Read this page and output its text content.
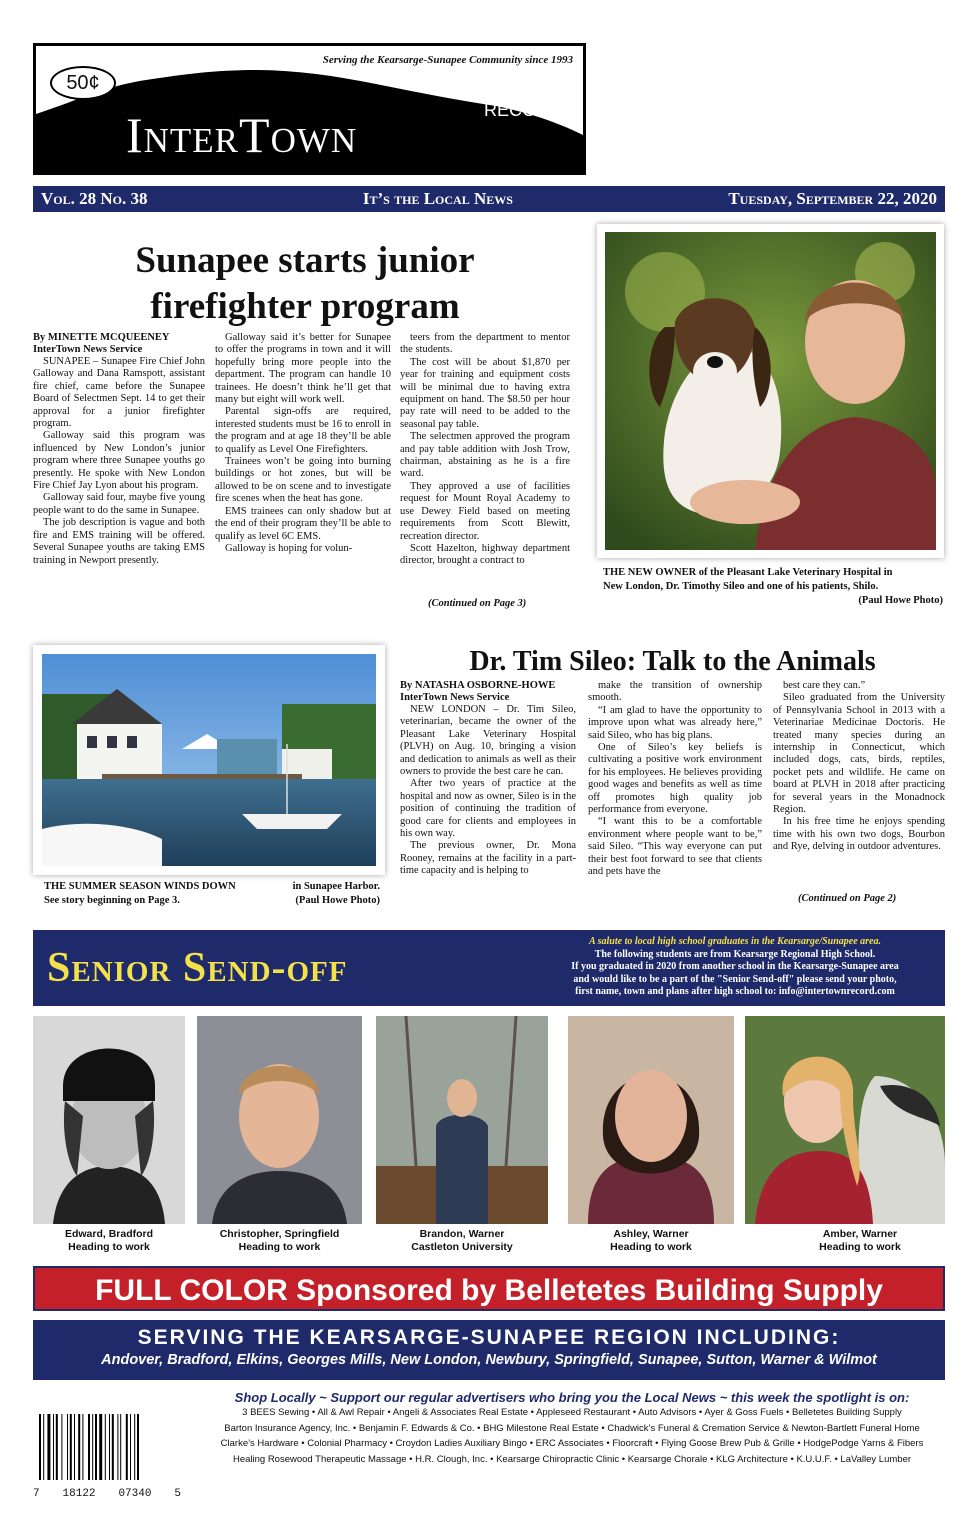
Serving the Kearsarge-Sunapee Community since 1993
50¢
RECORD
InterTown
Vol. 28 No. 38	It’s the Local News	Tuesday, September 22, 2020
Sunapee starts junior
firefighter program
By MINETTE MCQUEENEY
InterTown News Service

SUNAPEE – Sunapee Fire Chief John Galloway and Dana Ramspott, assistant fire chief, came before the Sunapee Board of Selectmen Sept. 14 to get their approval for a junior firefighter program.

Galloway said this program was influenced by New London’s junior program where three Sunapee youths go presently. He spoke with New London Fire Chief Jay Lyon about his program.

Galloway said four, maybe five young people want to do the same in Sunapee.

The job description is vague and both fire and EMS training will be offered. Several Sunapee youths are taking EMS training in Newport presently.

Galloway said it’s better for Sunapee to offer the programs in town and it will hopefully bring more people into the department. The program can handle 10 trainees. He doesn’t think he’ll get that many but eight will work well.

Parental sign-offs are required, interested students must be 16 to enroll in the program and at age 18 they’ll be able to qualify as Level One Firefighters.

Trainees won’t be going into burning buildings or hot zones, but will be allowed to be on scene and to investigate fire scenes when the heat has gone.

EMS trainees can only shadow but at the end of their program they’ll be able to qualify as level 6C EMS.

Galloway is hoping for volun-

teers from the department to mentor the students.

The cost will be about $1,870 per year for training and equipment costs will be minimal due to having extra equipment on hand. The $8.50 per hour pay rate will need to be added to the seasonal pay table.

The selectmen approved the program and pay table addition with Josh Trow, chairman, abstaining as he is a fire ward.

They approved a use of facilities request for Mount Royal Academy to use Dewey Field based on meeting requirements from Scott Blewitt, recreation director.

Scott Hazelton, highway department director, brought a contract to

(Continued on Page 3)
THE NEW OWNER of the Pleasant Lake Veterinary Hospital in
New London, Dr. Timothy Sileo and one of his patients, Shilo.
(Paul Howe Photo)
THE SUMMER SEASON WINDS DOWN	in Sunapee Harbor.
See story beginning on Page 3.	(Paul Howe Photo)
Dr. Tim Sileo: Talk to the Animals
By NATASHA OSBORNE-HOWE
InterTown News Service

NEW LONDON – Dr. Tim Sileo, veterinarian, became the owner of the Pleasant Lake Veterinary Hospital (PLVH) on Aug. 10, bringing a vision and dedication to animals as well as their owners to provide the best care he can.

After two years of practice at the hospital and now as owner, Sileo is in the position of continuing the tradition of good care for clients and employees in his own way.

The previous owner, Dr. Mona Rooney, remains at the facility in a part-time capacity and is helping to

make the transition of ownership smooth.

“I am glad to have the opportunity to improve upon what was already here,” said Sileo, who has big plans.

One of Sileo’s key beliefs is cultivating a positive work environment for his employees. He believes providing good wages and benefits as well as time off promotes high quality job performance from everyone.

“I want this to be a comfortable environment where people want to be,” said Sileo. “This way everyone can put their best foot forward to see that clients and pets have the

best care they can.”

Sileo graduated from the University of Pennsylvania School in 2013 with a Veterinariae Medicinae Doctoris. He treated many species during an internship in Connecticut, which included dogs, cats, birds, reptiles, pocket pets and wildlife. He came on board at PLVH in 2018 after practicing for several years in the Monadnock Region.

In his free time he enjoys spending time with his own two dogs, Bourbon and Rye, delving in outdoor adventures.

(Continued on Page 2)
Senior Send-off
A salute to local high school graduates in the Kearsarge/Sunapee area.
The following students are from Kearsarge Regional High School.
If you graduated in 2020 from another school in the Kearsarge-Sunapee area
and would like to be a part of the "Senior Send-off" please send your photo,
first name, town and plans after high school to: info@intertownrecord.com
Edward, Bradford
Heading to work
Christopher, Springfield
Heading to work
Brandon, Warner
Castleton University
Ashley, Warner
Heading to work
Amber, Warner
Heading to work
FULL COLOR Sponsored by Belletetes Building Supply
SERVING THE KEARSARGE-SUNAPEE REGION INCLUDING:
Andover, Bradford, Elkins, Georges Mills, New London, Newbury, Springfield, Sunapee, Sutton, Warner & Wilmot
7 18122 07340 5
Shop Locally ~ Support our regular advertisers who bring you the Local News ~ this week the spotlight is on:
3 BEES Sewing • All & Awl Repair • Angeli & Associates Real Estate • Appleseed Restaurant • Auto Advisors • Ayer & Goss Fuels • Belletetes Building Supply
Barton Insurance Agency, Inc. • Benjamin F. Edwards & Co. • BHG Milestone Real Estate • Chadwick’s Funeral & Cremation Service & Newton-Bartlett Funeral Home
Clarke’s Hardware • Colonial Pharmacy • Croydon Ladies Auxiliary Bingo • ERC Associates • Floorcraft • Flying Goose Brew Pub & Grille • HodgePodge Yarns & Fibers
Healing Rosewood Therapeutic Massage • H.R. Clough, Inc. • Kearsarge Chiropractic Clinic • Kearsarge Chorale • KLG Architecture • K.U.U.F. • LaValley Lumber
